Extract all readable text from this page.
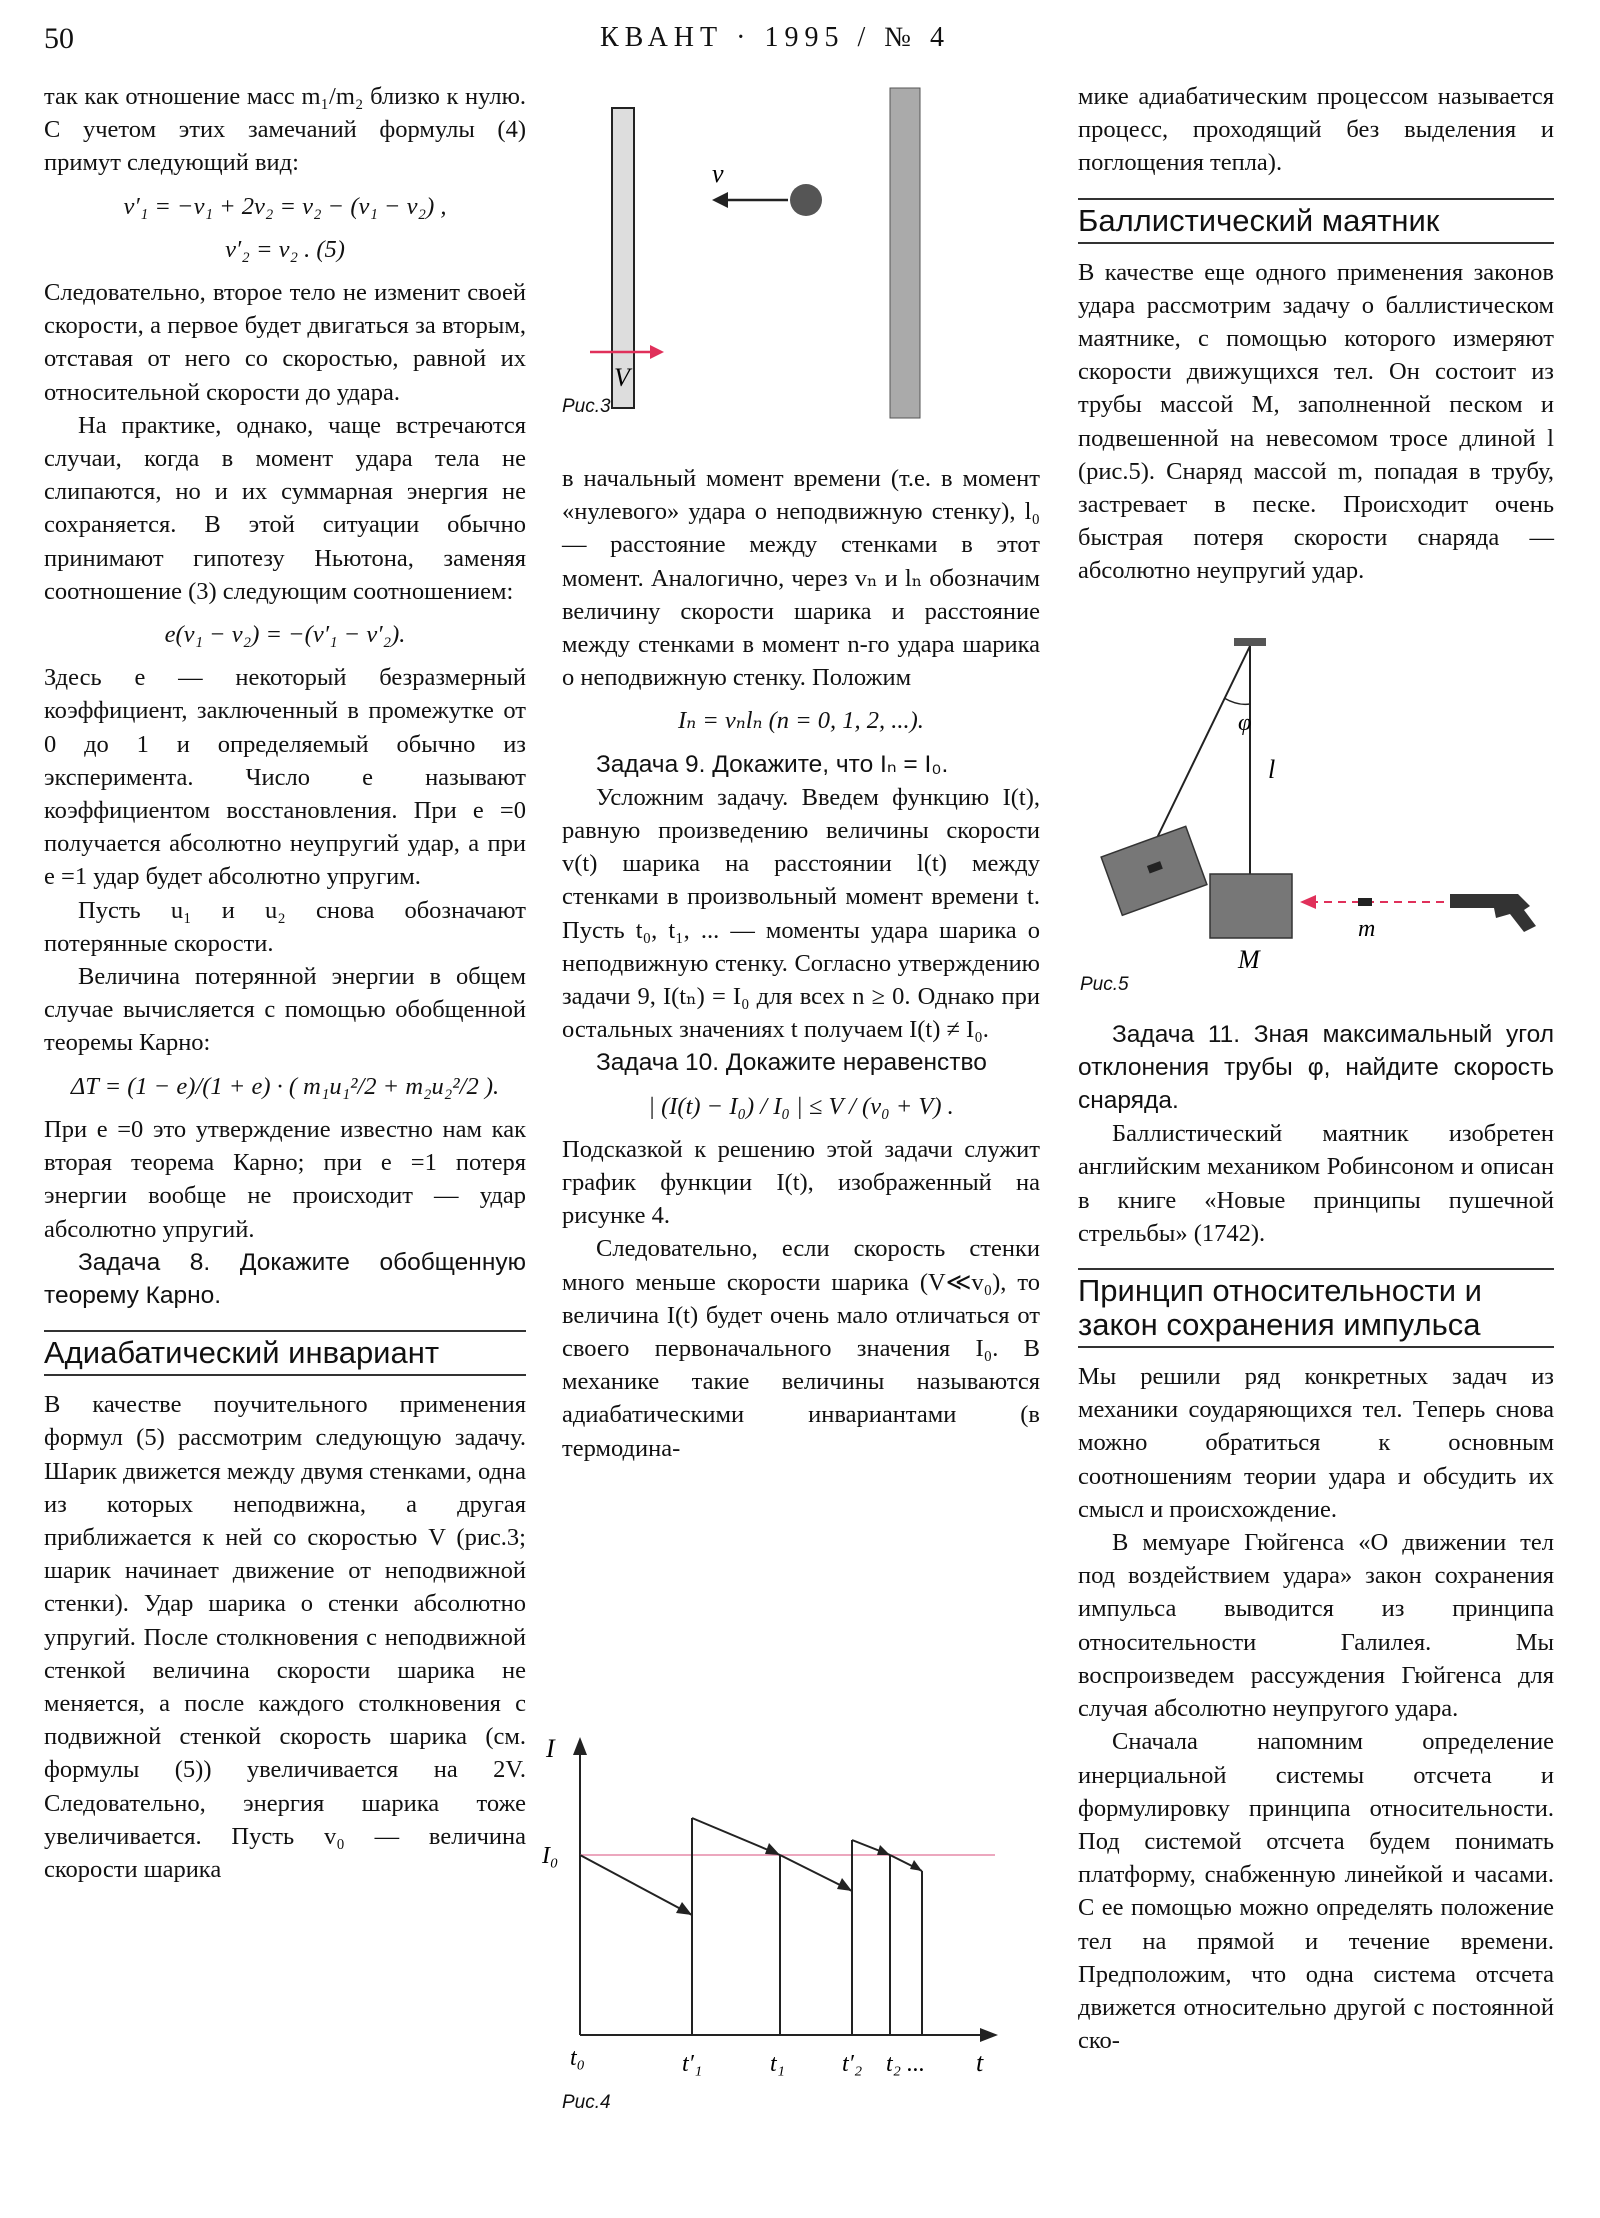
50	КВАНТ · 1995 / № 4

так как отношение масс m₁/m₂ близко к нулю. С учетом этих замечаний формулы (4) примут следующий вид:

v′₁ = −v₁ + 2v₂ = v₂ − (v₁ − v₂) ,
v′₂ = v₂ . (5)

Следовательно, второе тело не изменит своей скорости, а первое будет двигаться за вторым, отставая от него со скоростью, равной их относительной скорости до удара.

На практике, однако, чаще встречаются случаи, когда в момент удара тела не слипаются, но и их суммарная энергия не сохраняется. В этой ситуации обычно принимают гипотезу Ньютона, заменяя соотношение (3) следующим соотношением:

e(v₁ − v₂) = −(v′₁ − v′₂).

Здесь e — некоторый безразмерный коэффициент, заключенный в промежутке от 0 до 1 и определяемый обычно из эксперимента. Число e называют коэффициентом восстановления. При e =0 получается абсолютно неупругий удар, а при e =1 удар будет абсолютно упругим.

Пусть u₁ и u₂ снова обозначают потерянные скорости.

Величина потерянной энергии в общем случае вычисляется с помощью обобщенной теоремы Карно:

ΔT = (1 − e)/(1 + e) · ( m₁u₁²/2 + m₂u₂²/2 ).

При e =0 это утверждение известно нам как вторая теорема Карно; при e =1 потеря энергии вообще не происходит — удар абсолютно упругий.

Задача 8. Докажите обобщенную теорему Карно.

Адиабатический инвариант

В качестве поучительного применения формул (5) рассмотрим следующую задачу. Шарик движется между двумя стенками, одна из которых неподвижна, а другая приближается к ней со скоростью V (рис.3; шарик начинает движение от неподвижной стенки). Удар шарика о стенки абсолютно упругий. После столкновения с неподвижной стенкой величина скорости шарика не меняется, а после каждого столкновения с подвижной стенкой скорость шарика (см. формулы (5)) увеличивается на 2V. Следовательно, энергия шарика тоже увеличивается. Пусть v₀ — величина скорости шарика

в начальный момент времени (т.е. в момент «нулевого» удара о неподвижную стенку), l₀ — расстояние между стенками в этот момент. Аналогично, через vₙ и lₙ обозначим величину скорости шарика и расстояние между стенками в момент n-го удара шарика о неподвижную стенку. Положим

Iₙ = vₙlₙ (n = 0, 1, 2, ...).

Задача 9. Докажите, что Iₙ = I₀.

Усложним задачу. Введем функцию I(t), равную произведению величины скорости v(t) шарика на расстоянии l(t) между стенками в произвольный момент времени t. Пусть t₀, t₁, ... — моменты удара шарика о неподвижную стенку. Согласно утверждению задачи 9, I(tₙ) = I₀ для всех n ≥ 0. Однако при остальных значениях t получаем I(t) ≠ I₀.

Задача 10. Докажите неравенство

| (I(t) − I₀) / I₀ | ≤ V / (v₀ + V) .

Подсказкой к решению этой задачи служит график функции I(t), изображенный на рисунке 4.

Следовательно, если скорость стенки много меньше скорости шарика (V≪v₀), то величина I(t) будет очень мало отличаться от своего первоначального значения I₀. В механике такие величины называются адиабатическими инвариантами (в термодина-

мике адиабатическим процессом называется процесс, проходящий без выделения и поглощения тепла).

Баллистический маятник

В качестве еще одного применения законов удара рассмотрим задачу о баллистическом маятнике, с помощью которого измеряют скорости движущихся тел. Он состоит из трубы массой M, заполненной песком и подвешенной на невесомом тросе длиной l (рис.5). Снаряд массой m, попадая в трубу, застревает в песке. Происходит очень быстрая потеря скорости снаряда — абсолютно неупругий удар.

Задача 11. Зная максимальный угол отклонения трубы φ, найдите скорость снаряда.

Баллистический маятник изобретен английским механиком Робинсоном и описан в книге «Новые принципы пушечной стрельбы» (1742).

Принцип относительности и закон сохранения импульса

Мы решили ряд конкретных задач из механики соударяющихся тел. Теперь снова можно обратиться к основным соотношениям теории удара и обсудить их смысл и происхождение.

В мемуаре Гюйгенса «О движении тел под воздействием удара» закон сохранения импульса выводится из принципа относительности Галилея. Мы воспроизведем рассуждения Гюйгенса для случая абсолютно неупругого удара.

Сначала напомним определение инерциальной системы отсчета и формулировку принципа относительности. Под системой отсчета будем понимать платформу, снабженную линейкой и часами. С ее помощью можно определять положение тел на прямой и течение времени. Предположим, что одна система отсчета движется относительно другой с постоянной ско-

v
V
Рис.3
I
I₀
t
t₀	t′₁	t₁ t′₂ t₂ ...
Рис.4
φ
l
M
m
Рис.5
